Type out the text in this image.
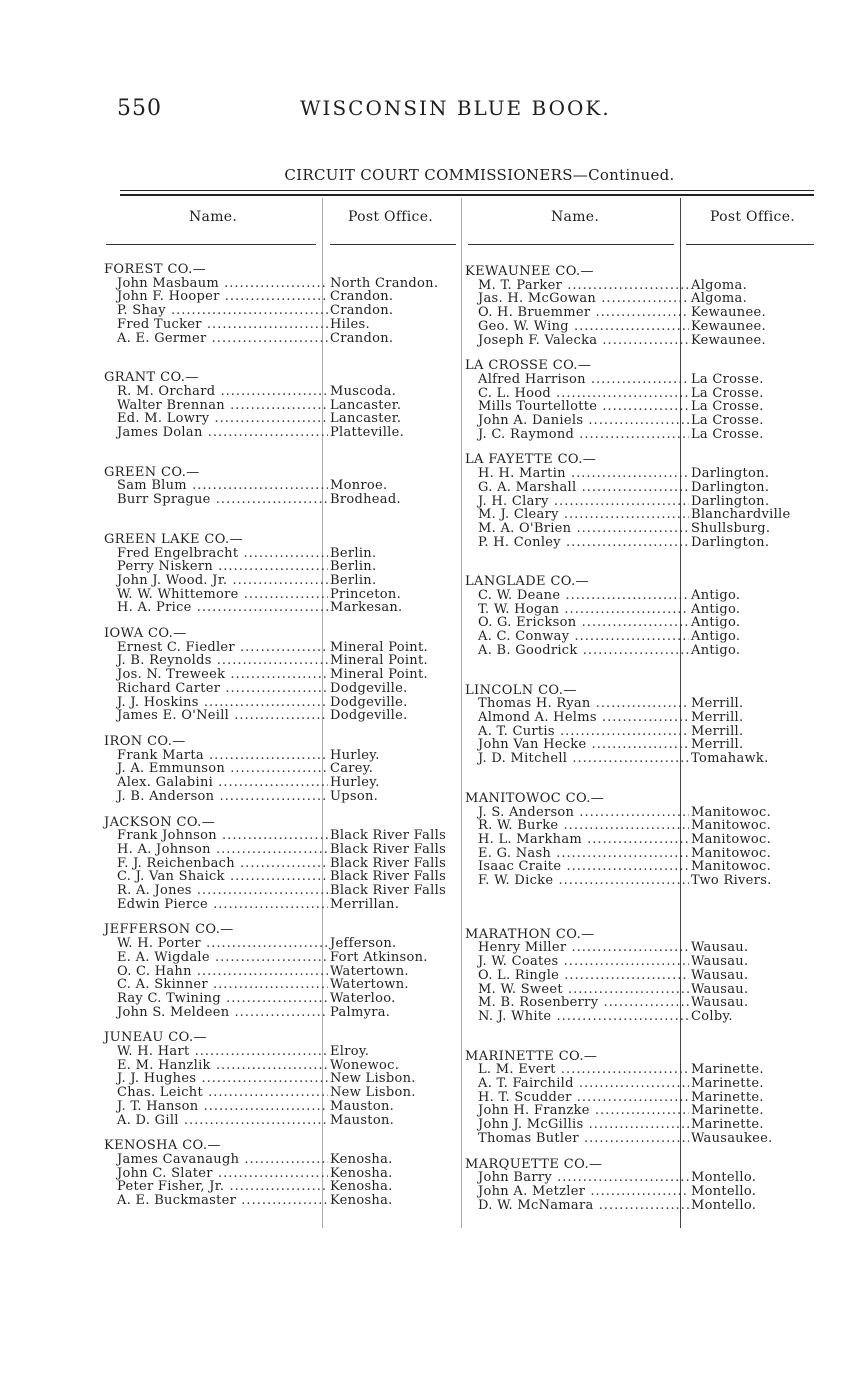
550	WISCONSIN BLUE BOOK.
CIRCUIT COURT COMMISSIONERS—Continued.
Name.	Post Office.	Name.	Post Office.
FOREST CO.—
John Masbaum .....	North Crandon.
John F. Hooper .....	Crandon.
P. Shay .....	Crandon.
Fred Tucker .....	Hiles.
A. E. Germer .....	Crandon.
GRANT CO.—
R. M. Orchard .....	Muscoda.
Walter Brennan .....	Lancaster.
Ed. M. Lowry .....	Lancaster.
James Dolan .....	Platteville.
GREEN CO.—
Sam Blum .....	Monroe.
Burr Sprague .....	Brodhead.
GREEN LAKE CO.—
Fred Engelbracht .....	Berlin.
Perry Niskern .....	Berlin.
John J. Wood. Jr. .....	Berlin.
W. W. Whittemore .....	Princeton.
H. A. Price .....	Markesan.
IOWA CO.—
Ernest C. Fiedler .....	Mineral Point.
J. B. Reynolds .....	Mineral Point.
Jos. N. Treweek .....	Mineral Point.
Richard Carter .....	Dodgeville.
J. J. Hoskins .....	Dodgeville.
James E. O'Neill .....	Dodgeville.
IRON CO.—
Frank Marta .....	Hurley.
J. A. Emmunson .....	Carey.
Alex. Galabini .....	Hurley.
J. B. Anderson .....	Upson.
JACKSON CO.—
Frank Johnson .....	Black River Falls
H. A. Johnson .....	Black River Falls
F. J. Reichenbach .....	Black River Falls
C. J. Van Shaick .....	Black River Falls
R. A. Jones .....	Black River Falls
Edwin Pierce .....	Merrillan.
JEFFERSON CO.—
W. H. Porter .....	Jefferson.
E. A. Wigdale .....	Fort Atkinson.
O. C. Hahn .....	Watertown.
C. A. Skinner .....	Watertown.
Ray C. Twining .....	Waterloo.
John S. Meldeen .....	Palmyra.
JUNEAU CO.—
W. H. Hart .....	Elroy.
E. M. Hanzlik .....	Wonewoc.
J. J. Hughes .....	New Lisbon.
Chas. Leicht .....	New Lisbon.
J. T. Hanson .....	Mauston.
A. D. Gill .....	Mauston.
KENOSHA CO.—
James Cavanaugh .....	Kenosha.
John C. Slater .....	Kenosha.
Peter Fisher, Jr. .....	Kenosha.
A. E. Buckmaster .....	Kenosha.
KEWAUNEE CO.—
M. T. Parker .....	Algoma.
Jas. H. McGowan .....	Algoma.
O. H. Bruemmer .....	Kewaunee.
Geo. W. Wing .....	Kewaunee.
Joseph F. Valecka .....	Kewaunee.
LA CROSSE CO.—
Alfred Harrison .....	La Crosse.
C. L. Hood .....	La Crosse.
Mills Tourtellotte .....	La Crosse.
John A. Daniels .....	La Crosse.
J. C. Raymond .....	La Crosse.
LA FAYETTE CO.—
H. H. Martin .....	Darlington.
G. A. Marshall .....	Darlington.
J. H. Clary .....	Darlington.
M. J. Cleary .....	Blanchardville
M. A. O'Brien .....	Shullsburg.
P. H. Conley .....	Darlington.
LANGLADE CO.—
C. W. Deane .....	Antigo.
T. W. Hogan .....	Antigo.
O. G. Erickson .....	Antigo.
A. C. Conway .....	Antigo.
A. B. Goodrick .....	Antigo.
LINCOLN CO.—
Thomas H. Ryan .....	Merrill.
Almond A. Helms .....	Merrill.
A. T. Curtis .....	Merrill.
John Van Hecke .....	Merrill.
J. D. Mitchell .....	Tomahawk.
MANITOWOC CO.—
J. S. Anderson .....	Manitowoc.
R. W. Burke .....	Manitowoc.
H. L. Markham .....	Manitowoc.
E. G. Nash .....	Manitowoc.
Isaac Craite .....	Manitowoc.
F. W. Dicke .....	Two Rivers.
MARATHON CO.—
Henry Miller .....	Wausau.
J. W. Coates .....	Wausau.
O. L. Ringle .....	Wausau.
M. W. Sweet .....	Wausau.
M. B. Rosenberry .....	Wausau.
N. J. White .....	Colby.
MARINETTE CO.—
L. M. Evert .....	Marinette.
A. T. Fairchild .....	Marinette.
H. T. Scudder .....	Marinette.
John H. Franzke .....	Marinette.
John J. McGillis .....	Marinette.
Thomas Butler .....	Wausaukee.
MARQUETTE CO.—
John Barry .....	Montello.
John A. Metzler .....	Montello.
D. W. McNamara .....	Montello.
